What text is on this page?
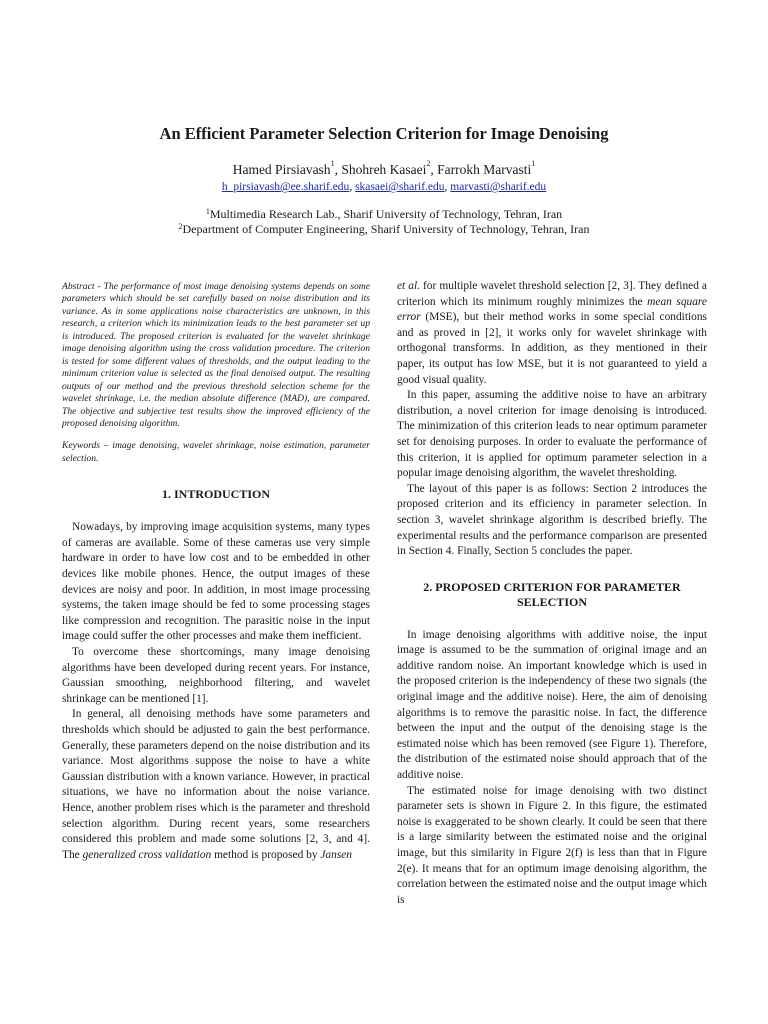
An Efficient Parameter Selection Criterion for Image Denoising
Hamed Pirsiavash$^1$, Shohreh Kasaei$^2$, Farrokh Marvasti$^1$
h_pirsiavash@ee.sharif.edu, skasaei@sharif.edu, marvasti@sharif.edu
$^1$Multimedia Research Lab., Sharif University of Technology, Tehran, Iran
$^2$Department of Computer Engineering, Sharif University of Technology, Tehran, Iran

Abstract - The performance of most image denoising systems depends on some parameters which should be set carefully based on noise distribution and its variance. As in some applications noise characteristics are unknown, in this research, a criterion which its minimization leads to the best parameter set up is introduced. The proposed criterion is evaluated for the wavelet shrinkage image denoising algorithm using the cross validation procedure. The criterion is tested for some different values of thresholds, and the output leading to the minimum criterion value is selected as the final denoised output. The resulting outputs of our method and the previous threshold selection scheme for the wavelet shrinkage, i.e. the median absolute difference (MAD), are compared. The objective and subjective test results show the improved efficiency of the proposed denoising algorithm.

Keywords – image denoising, wavelet shrinkage, noise estimation, parameter selection.

1. INTRODUCTION

Nowadays, by improving image acquisition systems, many types of cameras are available. Some of these cameras use very simple hardware in order to have low cost and to be embedded in other devices like mobile phones. Hence, the output images of these devices are noisy and poor. In addition, in most image processing systems, the taken image should be fed to some processing stages like compression and recognition. The parasitic noise in the input image could suffer the other processes and make them inefficient.

To overcome these shortcomings, many image denoising algorithms have been developed during recent years. For instance, Gaussian smoothing, neighborhood filtering, and wavelet shrinkage can be mentioned [1].

In general, all denoising methods have some parameters and thresholds which should be adjusted to gain the best performance. Generally, these parameters depend on the noise distribution and its variance. Most algorithms suppose the noise to have a white Gaussian distribution with a known variance. However, in practical situations, we have no information about the noise variance. Hence, another problem rises which is the parameter and threshold selection algorithm. During recent years, some researchers considered this problem and made some solutions [2, 3, and 4]. The generalized cross validation method is proposed by Jansen

et al. for multiple wavelet threshold selection [2, 3]. They defined a criterion which its minimum roughly minimizes the mean square error (MSE), but their method works in some special conditions and as proved in [2], it works only for wavelet shrinkage with orthogonal transforms. In addition, as they mentioned in their paper, its output has low MSE, but it is not guaranteed to yield a good visual quality.

In this paper, assuming the additive noise to have an arbitrary distribution, a novel criterion for image denoising is introduced. The minimization of this criterion leads to near optimum parameter set for denoising purposes. In order to evaluate the performance of this criterion, it is applied for optimum parameter selection in a popular image denoising algorithm, the wavelet thresholding.

The layout of this paper is as follows: Section 2 introduces the proposed criterion and its efficiency in parameter selection. In section 3, wavelet shrinkage algorithm is described briefly. The experimental results and the performance comparison are presented in Section 4. Finally, Section 5 concludes the paper.

2. PROPOSED CRITERION FOR PARAMETER
SELECTION

In image denoising algorithms with additive noise, the input image is assumed to be the summation of original image and an additive random noise. An important knowledge which is used in the proposed criterion is the independency of these two signals (the original image and the additive noise). Here, the aim of denoising algorithms is to remove the parasitic noise. In fact, the difference between the input and the output of the denoising stage is the estimated noise which has been removed (see Figure 1). Therefore, the distribution of the estimated noise should approach that of the additive noise.

The estimated noise for image denoising with two distinct parameter sets is shown in Figure 2. In this figure, the estimated noise is exaggerated to be shown clearly. It could be seen that there is a large similarity between the estimated noise and the original image, but this similarity in Figure 2(f) is less than that in Figure 2(e). It means that for an optimum image denoising algorithm, the correlation between the estimated noise and the output image which is
